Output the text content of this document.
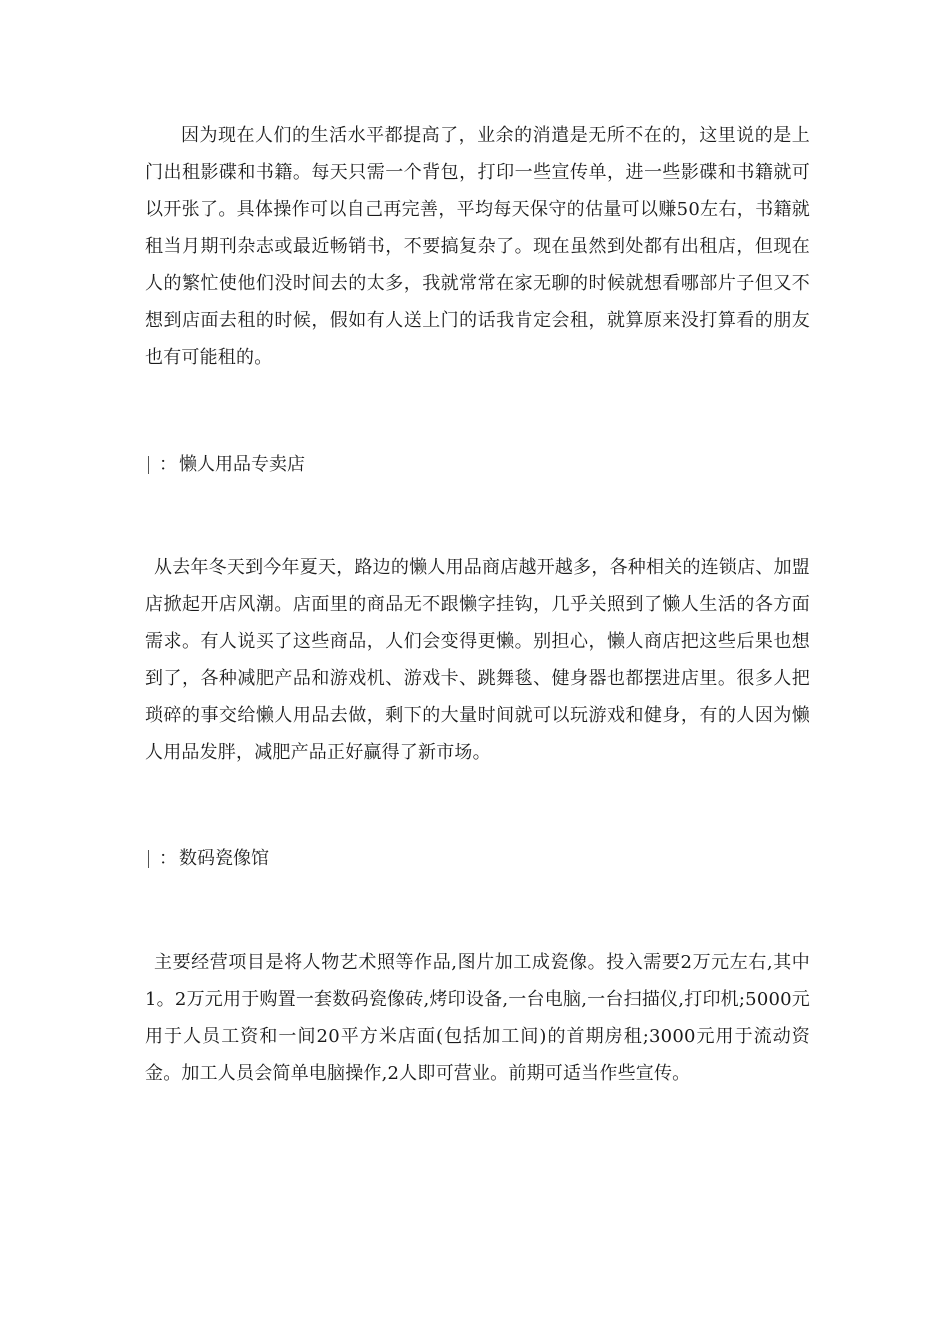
因为现在人们的生活水平都提高了，业余的消遣是无所不在的，这里说的是上门出租影碟和书籍。每天只需一个背包，打印一些宣传单，进一些影碟和书籍就可以开张了。具体操作可以自己再完善，平均每天保守的估量可以赚50左右，书籍就租当月期刊杂志或最近畅销书，不要搞复杂了。现在虽然到处都有出租店，但现在人的繁忙使他们没时间去的太多，我就常常在家无聊的时候就想看哪部片子但又不想到店面去租的时候，假如有人送上门的话我肯定会租，就算原来没打算看的朋友也有可能租的。

： 懒人用品专卖店

从去年冬天到今年夏天，路边的懒人用品商店越开越多，各种相关的连锁店、加盟店掀起开店风潮。店面里的商品无不跟懒字挂钩，几乎关照到了懒人生活的各方面需求。有人说买了这些商品，人们会变得更懒。别担心，懒人商店把这些后果也想到了，各种减肥产品和游戏机、游戏卡、跳舞毯、健身器也都摆进店里。很多人把琐碎的事交给懒人用品去做，剩下的大量时间就可以玩游戏和健身，有的人因为懒人用品发胖，减肥产品正好赢得了新市场。

： 数码瓷像馆

主要经营项目是将人物艺术照等作品,图片加工成瓷像。投入需要2万元左右,其中1。2万元用于购置一套数码瓷像砖,烤印设备,一台电脑,一台扫描仪,打印机;5000元用于人员工资和一间20平方米店面(包括加工间)的首期房租;3000元用于流动资金。加工人员会简单电脑操作,2人即可营业。前期可适当作些宣传。
